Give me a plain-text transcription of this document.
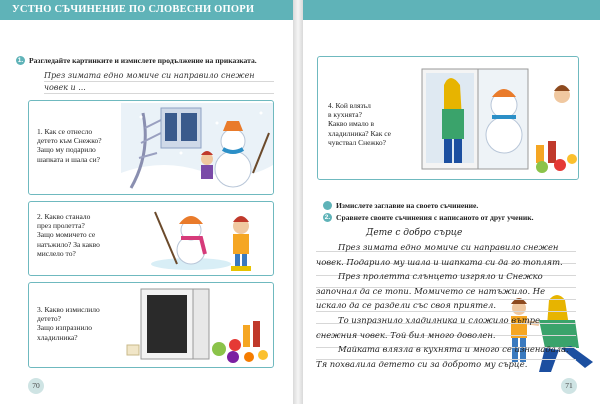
УСТНО СЪЧИНЕНИЕ ПО СЛОВЕСНИ ОПОРИ
1. Разгледайте картинките и измислете продължение на приказката.
През зимата едно момиче си направило снежен човек и ...
1. Как се отнесло
детето към Снежко?
Защо му подарило
шапката и шала си?
2. Какво станало
през пролетта?
Защо момичето се
натъжило? За какво
мислело то?
3. Какво измислило
детето?
Защо изпразнило
хладилника?
70
4. Кой влязъл
в кухнята?
Какво имало в
хладилника? Как се
чувствал Снежко?
Измислете заглавие на своето съчинение.
2. Сравнете своите съчинения с написаното от друг ученик.
71
Дете с добро сърце

През зимата едно момиче си направило снежен човек. Подарило му шала и шапката си да го топлят.

През пролетта слънцето изгряло и Снежко започнал да се топи. Момичето се натъжило. Не искало да се раздели със своя приятел.

То изпразнило хладилника и сложило вътре снежния човек. Той бил много доволен.

Майката влязла в кухнята и много се изненадала. Тя похвалила детето си за доброто му сърце.
